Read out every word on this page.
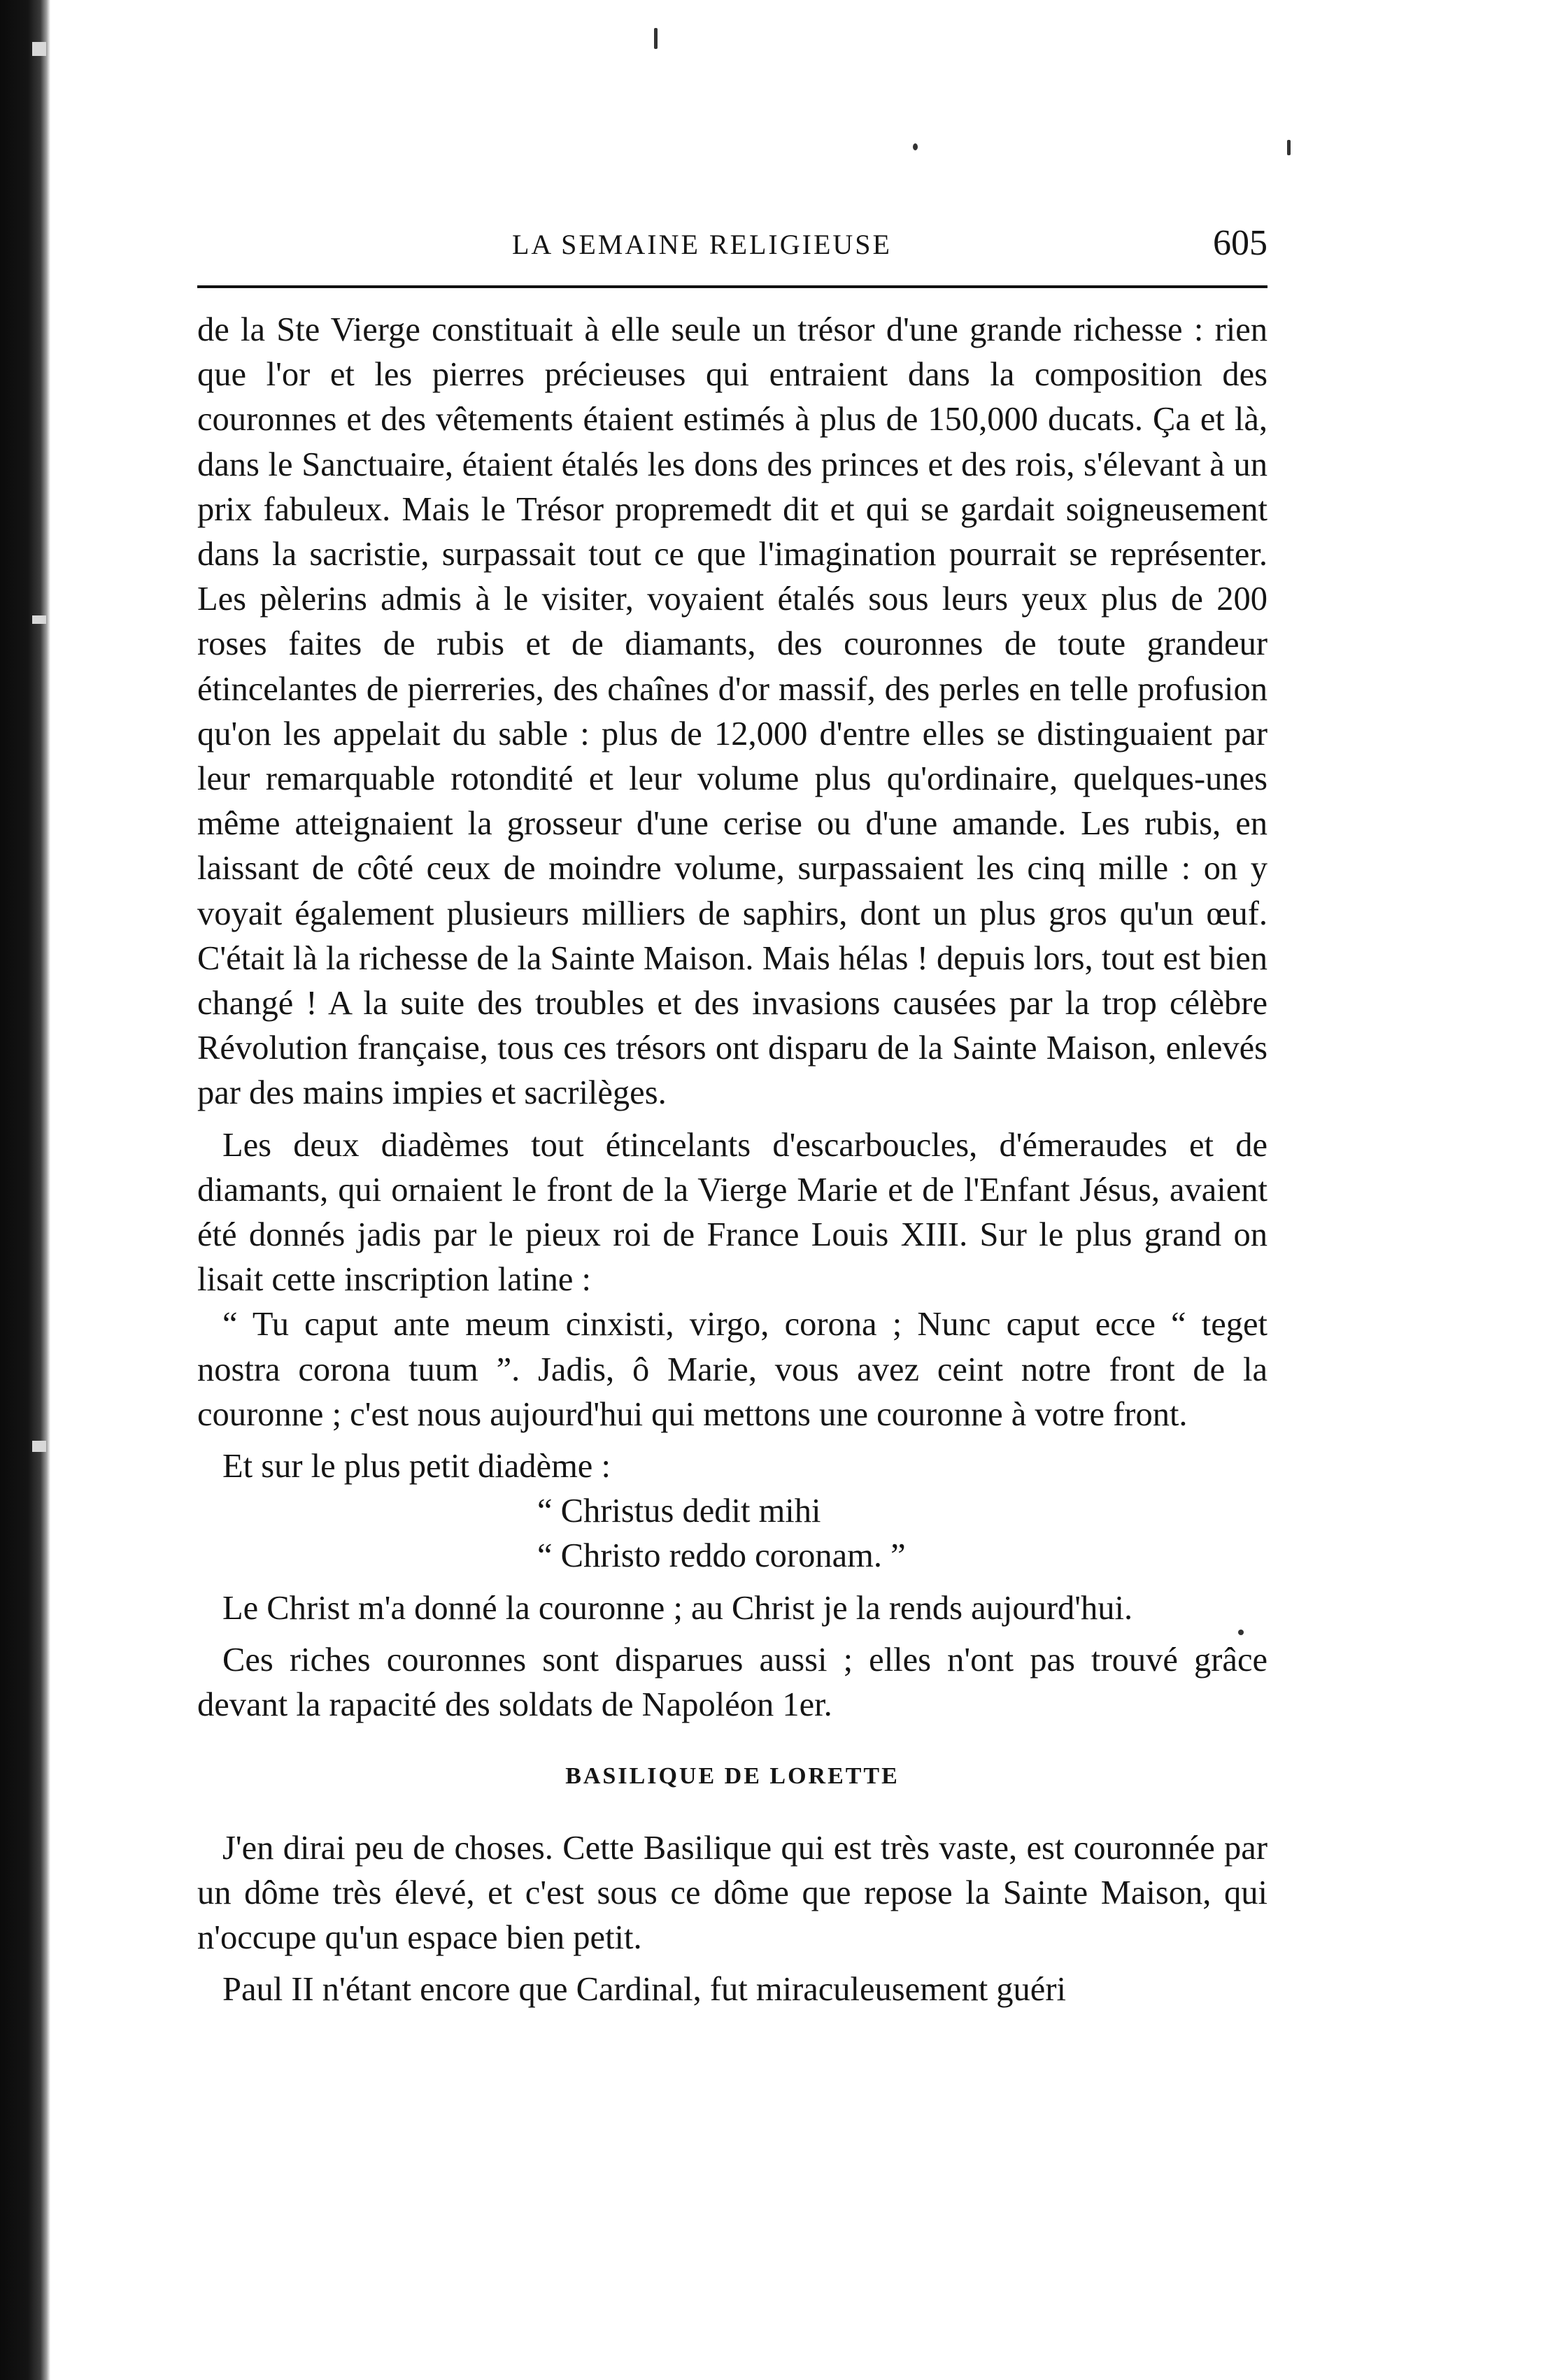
LA SEMAINE RELIGIEUSE	605

de la Ste Vierge constituait à elle seule un trésor d'une grande richesse : rien que l'or et les pierres précieuses qui entraient dans la composition des couronnes et des vêtements étaient estimés à plus de 150,000 ducats. Ça et là, dans le Sanctuaire, étaient étalés les dons des princes et des rois, s'élevant à un prix fabuleux. Mais le Trésor propremedt dit et qui se gardait soigneusement dans la sacristie, surpassait tout ce que l'imagination pourrait se représenter. Les pèlerins admis à le visiter, voyaient étalés sous leurs yeux plus de 200 roses faites de rubis et de diamants, des couronnes de toute grandeur étincelantes de pierreries, des chaînes d'or massif, des perles en telle profusion qu'on les appelait du sable : plus de 12,000 d'entre elles se distinguaient par leur remarquable rotondité et leur volume plus qu'ordinaire, quelques-unes même atteignaient la grosseur d'une cerise ou d'une amande. Les rubis, en laissant de côté ceux de moindre volume, surpassaient les cinq mille : on y voyait également plusieurs milliers de saphirs, dont un plus gros qu'un œuf. C'était là la richesse de la Sainte Maison. Mais hélas ! depuis lors, tout est bien changé ! A la suite des troubles et des invasions causées par la trop célèbre Révolution française, tous ces trésors ont disparu de la Sainte Maison, enlevés par des mains impies et sacrilèges.

Les deux diadèmes tout étincelants d'escarboucles, d'émeraudes et de diamants, qui ornaient le front de la Vierge Marie et de l'Enfant Jésus, avaient été donnés jadis par le pieux roi de France Louis XIII. Sur le plus grand on lisait cette inscription latine :

“ Tu caput ante meum cinxisti, virgo, corona ; Nunc caput ecce “ teget nostra corona tuum ”. Jadis, ô Marie, vous avez ceint notre front de la couronne ; c'est nous aujourd'hui qui mettons une couronne à votre front.

Et sur le plus petit diadème :

“ Christus dedit mihi

“ Christo reddo coronam. ”

Le Christ m'a donné la couronne ; au Christ je la rends aujourd'hui.

Ces riches couronnes sont disparues aussi ; elles n'ont pas trouvé grâce devant la rapacité des soldats de Napoléon 1er.

BASILIQUE DE LORETTE

J'en dirai peu de choses. Cette Basilique qui est très vaste, est couronnée par un dôme très élevé, et c'est sous ce dôme que repose la Sainte Maison, qui n'occupe qu'un espace bien petit.

Paul II n'étant encore que Cardinal, fut miraculeusement guéri
